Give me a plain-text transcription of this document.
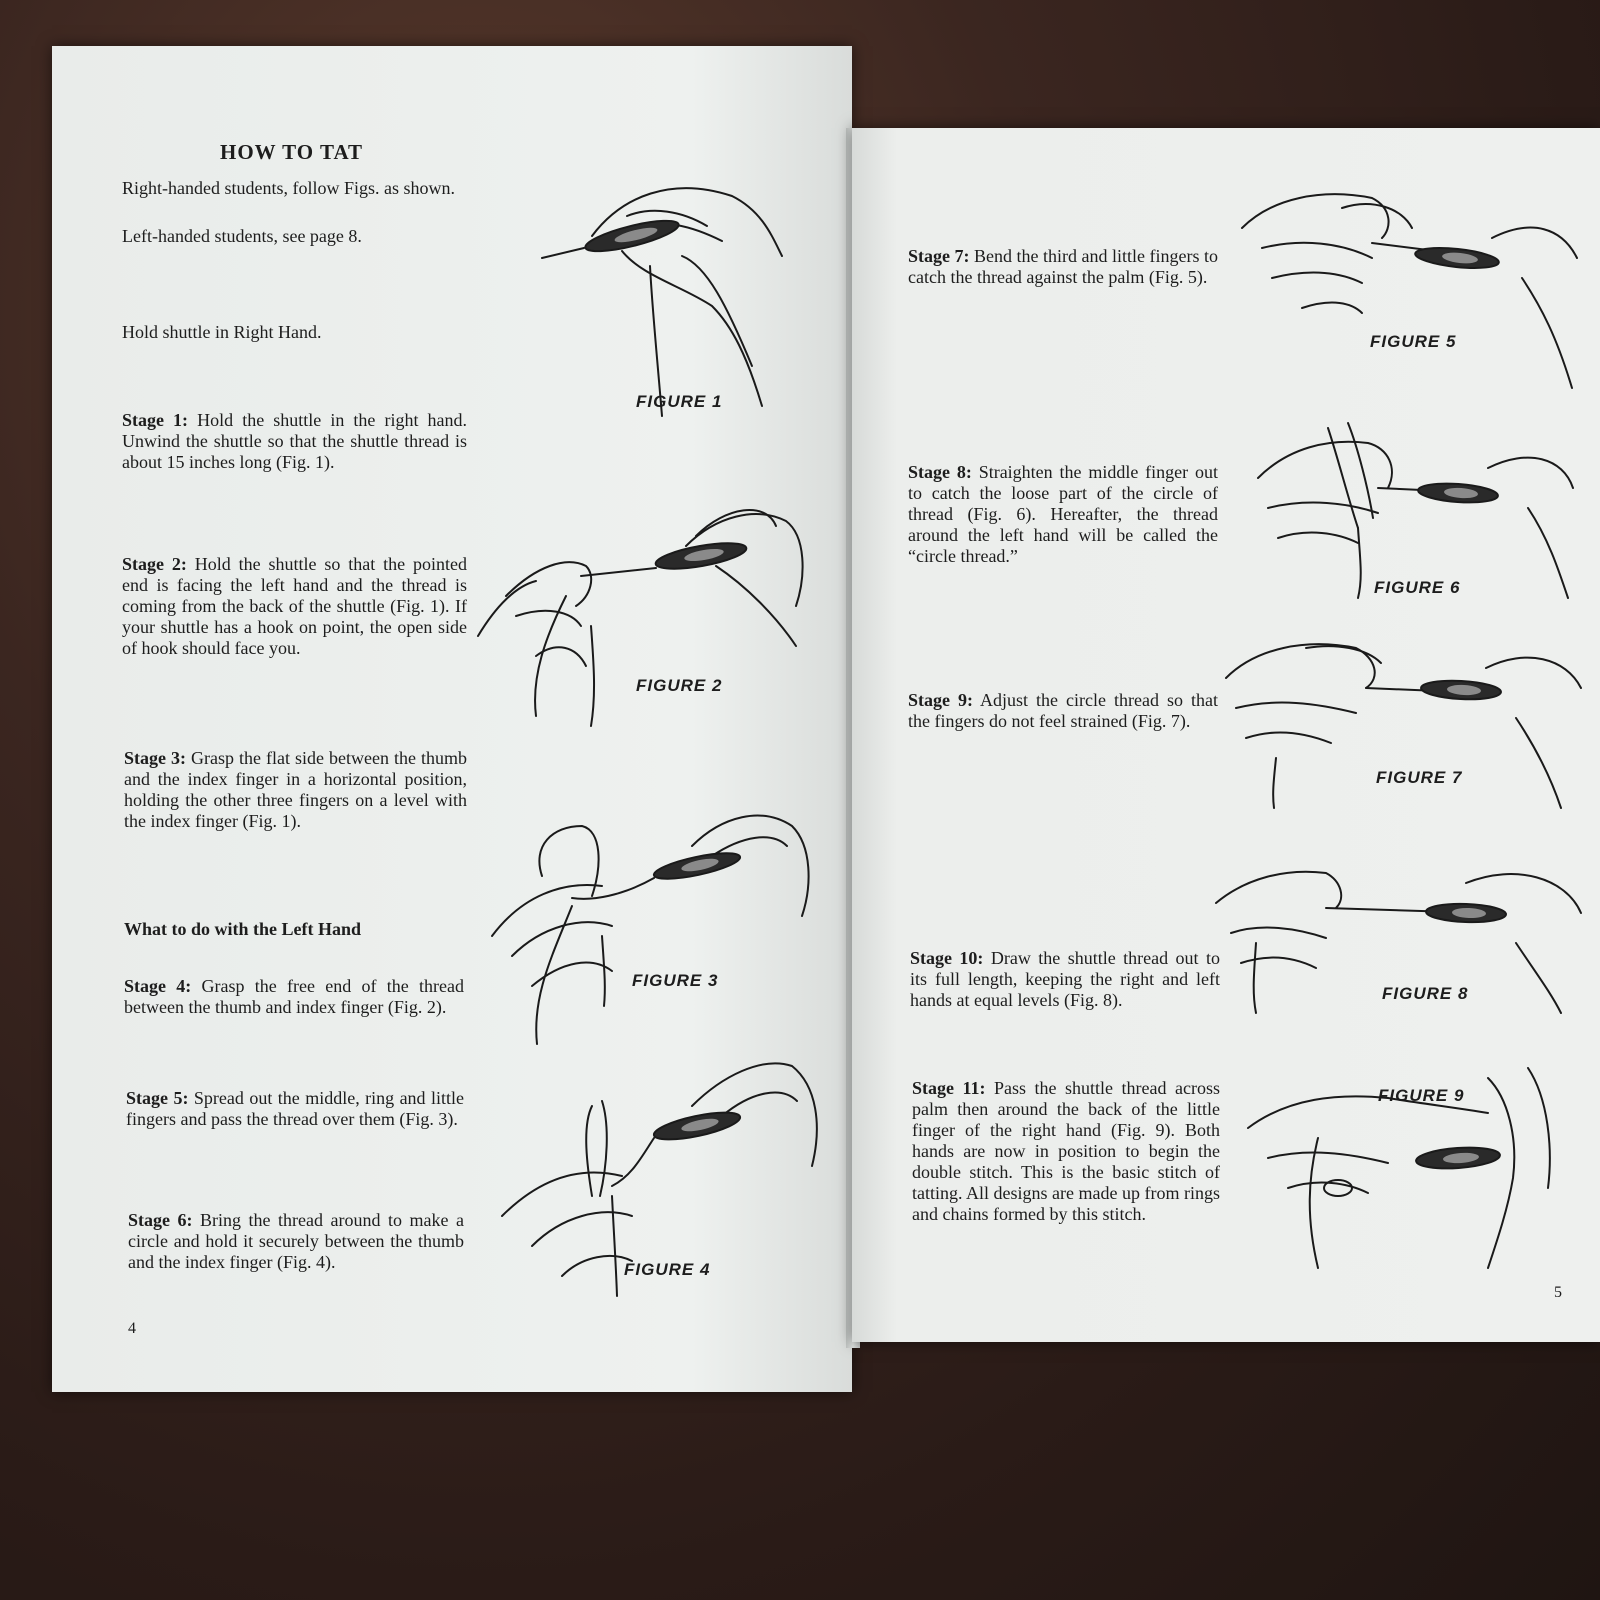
HOW TO TAT
Right-handed students, follow Figs. as shown.
Left-handed students, see page 8.
Hold shuttle in Right Hand.
Stage 1: Hold the shuttle in the right hand. Unwind the shuttle so that the shuttle thread is about 15 inches long (Fig. 1).
Stage 2: Hold the shuttle so that the pointed end is facing the left hand and the thread is coming from the back of the shuttle (Fig. 1). If your shuttle has a hook on point, the open side of hook should face you.
Stage 3: Grasp the flat side between the thumb and the index finger in a horizontal position, holding the other three fingers on a level with the index finger (Fig. 1).
What to do with the Left Hand
Stage 4: Grasp the free end of the thread between the thumb and index finger (Fig. 2).
Stage 5: Spread out the middle, ring and little fingers and pass the thread over them (Fig. 3).
Stage 6: Bring the thread around to make a circle and hold it securely between the thumb and the index finger (Fig. 4).
FIGURE 1
FIGURE 2
FIGURE 3
FIGURE 4
4
Stage 7: Bend the third and little fingers to catch the thread against the palm (Fig. 5).
Stage 8: Straighten the middle finger out to catch the loose part of the circle of thread (Fig. 6). Hereafter, the thread around the left hand will be called the “circle thread.”
Stage 9: Adjust the circle thread so that the fingers do not feel strained (Fig. 7).
Stage 10: Draw the shuttle thread out to its full length, keeping the right and left hands at equal levels (Fig. 8).
Stage 11: Pass the shuttle thread across palm then around the back of the little finger of the right hand (Fig. 9). Both hands are now in position to begin the double stitch. This is the basic stitch of tatting. All designs are made up from rings and chains formed by this stitch.
FIGURE 5
FIGURE 6
FIGURE 7
FIGURE 8
FIGURE 9
5
